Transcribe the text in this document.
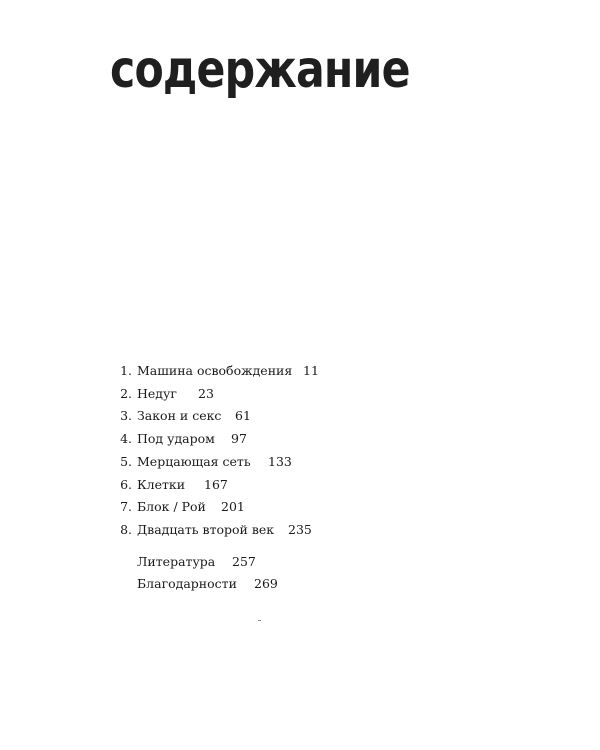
содержание
1. Машина освобождения 11
2. Недуг 23
3. Закон и секс 61
4. Под ударом 97
5. Мерцающая сеть 133
6. Клетки 167
7. Блок / Рой 201
8. Двадцать второй век 235
Литература 257
Благодарности 269
